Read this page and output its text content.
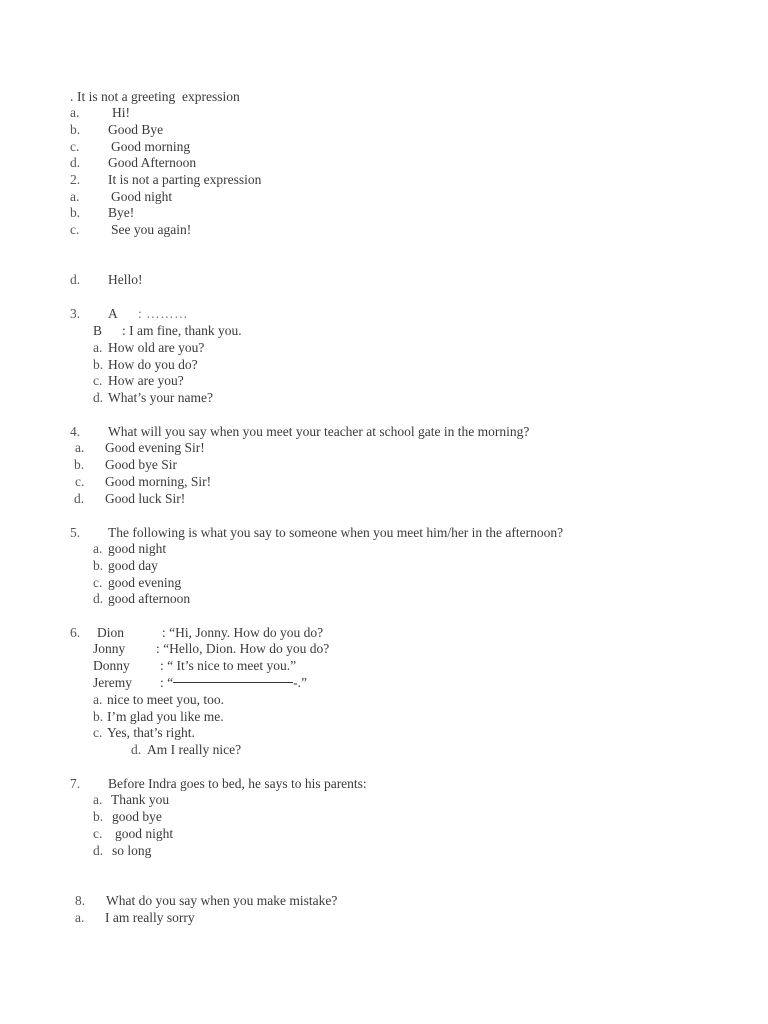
. It is not a greeting  expression
a. Hi!
b. Good Bye
c. Good morning
d. Good Afternoon
2. It is not a parting expression
a. Good night
b. Bye!
c. See you again!
d. Hello!
3. A : ………
B : I am fine, thank you.
a. How old are you?
b. How do you do?
c. How are you?
d. What’s your name?
4. What will you say when you meet your teacher at school gate in the morning?
a. Good evening Sir!
b. Good bye Sir
c. Good morning, Sir!
d. Good luck Sir!
5. The following is what you say to someone when you meet him/her in the afternoon?
a. good night
b. good day
c. good evening
d. good afternoon
6. Dion	: “Hi, Jonny. How do you do?
Jonny : “Hello, Dion. How do you do?
Donny : “ It’s nice to meet you.”
Jeremy : “	-.”
a. nice to meet you, too.
b. I’m glad you like me.
c. Yes, that’s right.
d. Am I really nice?
7. Before Indra goes to bed, he says to his parents:
a. Thank you
b. good bye
c. good night
d. so long
8. What do you say when you make mistake?
a. I am really sorry
